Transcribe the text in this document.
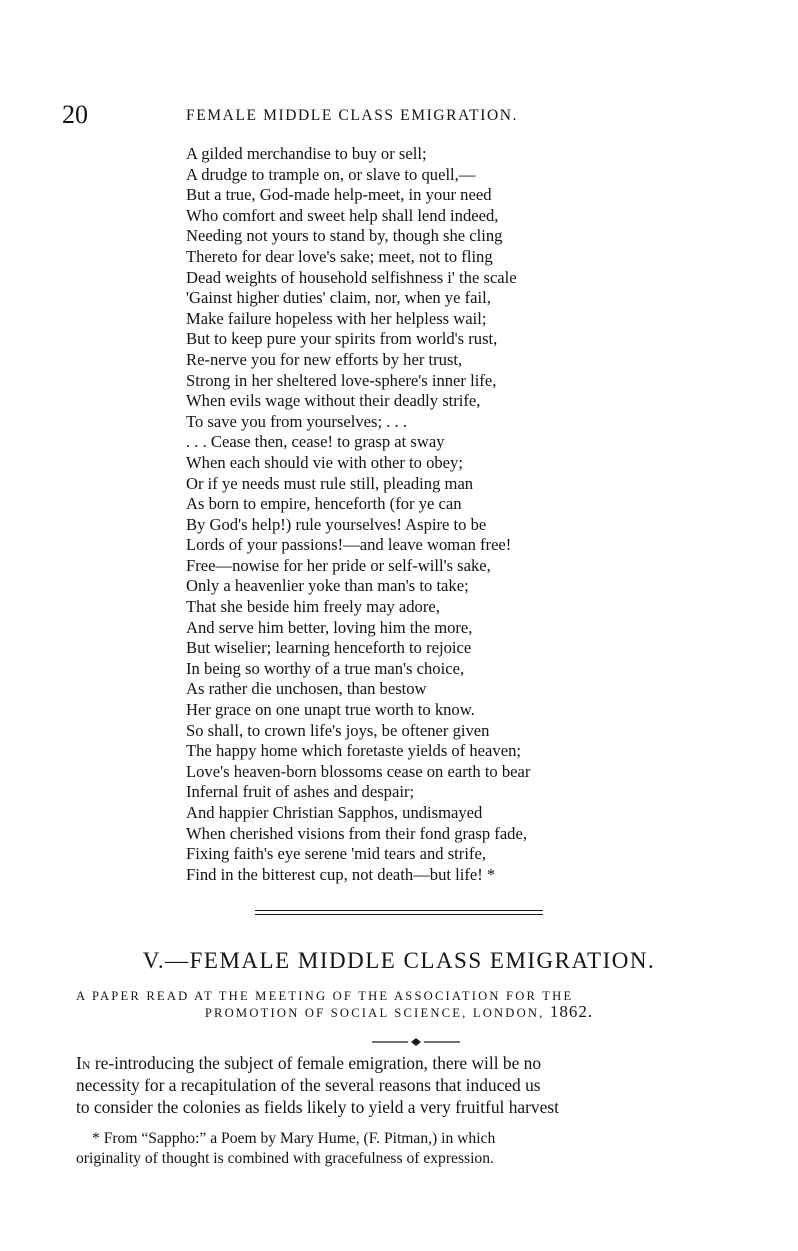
20	FEMALE MIDDLE CLASS EMIGRATION.
A gilded merchandise to buy or sell;
A drudge to trample on, or slave to quell,—
But a true, God-made help-meet, in your need
Who comfort and sweet help shall lend indeed,
Needing not yours to stand by, though she cling
Thereto for dear love's sake; meet, not to fling
Dead weights of household selfishness i' the scale
'Gainst higher duties' claim, nor, when ye fail,
Make failure hopeless with her helpless wail;
But to keep pure your spirits from world's rust,
Re-nerve you for new efforts by her trust,
Strong in her sheltered love-sphere's inner life,
When evils wage without their deadly strife,
To save you from yourselves; . . .
. . . Cease then, cease! to grasp at sway
When each should vie with other to obey;
Or if ye needs must rule still, pleading man
As born to empire, henceforth (for ye can
By God's help!) rule yourselves! Aspire to be
Lords of your passions!—and leave woman free!
Free—nowise for her pride or self-will's sake,
Only a heavenlier yoke than man's to take;
That she beside him freely may adore,
And serve him better, loving him the more,
But wiselier; learning henceforth to rejoice
In being so worthy of a true man's choice,
As rather die unchosen, than bestow
Her grace on one unapt true worth to know.
So shall, to crown life's joys, be oftener given
The happy home which foretaste yields of heaven;
Love's heaven-born blossoms cease on earth to bear
Infernal fruit of ashes and despair;
And happier Christian Sapphos, undismayed
When cherished visions from their fond grasp fade,
Fixing faith's eye serene 'mid tears and strife,
Find in the bitterest cup, not death—but life! *
V.—FEMALE MIDDLE CLASS EMIGRATION.
A PAPER READ AT THE MEETING OF THE ASSOCIATION FOR THE
PROMOTION OF SOCIAL SCIENCE, LONDON, 1862.
In re-introducing the subject of female emigration, there will be no
necessity for a recapitulation of the several reasons that induced us
to consider the colonies as fields likely to yield a very fruitful harvest
* From “Sappho:” a Poem by Mary Hume, (F. Pitman,) in which
originality of thought is combined with gracefulness of expression.
